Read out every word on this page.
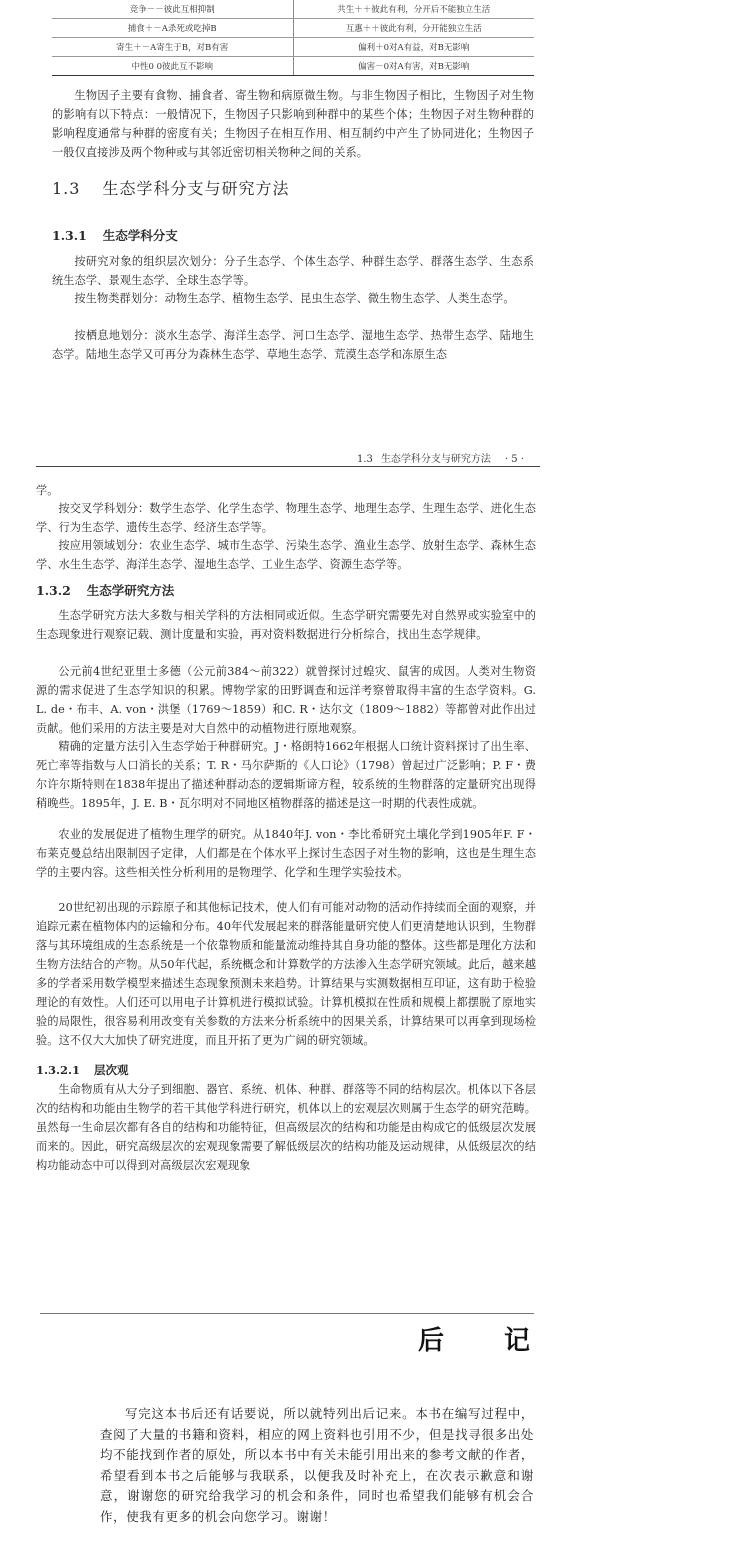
竞争－－彼此互相抑制	共生＋＋彼此有利，分开后不能独立生活
捕食＋－A杀死或吃掉B	互惠＋＋彼此有利，分开能独立生活
寄生＋－A寄生于B，对B有害	偏利＋0对A有益，对B无影响
中性0 0彼此互不影响	偏害－0对A有害，对B无影响

生物因子主要有食物、捕食者、寄生物和病原微生物。与非生物因子相比，生物因子对生物的影响有以下特点：一般情况下，生物因子只影响到种群中的某些个体；生物因子对生物种群的影响程度通常与种群的密度有关；生物因子在相互作用、相互制约中产生了协同进化；生物因子一般仅直接涉及两个物种或与其邻近密切相关物种之间的关系。

1.3 生态学科分支与研究方法
1.3.1 生态学科分支

按研究对象的组织层次划分：分子生态学、个体生态学、种群生态学、群落生态学、生态系统生态学、景观生态学、全球生态学等。

按生物类群划分：动物生态学、植物生态学、昆虫生态学、微生物生态学、人类生态学。

按栖息地划分：淡水生态学、海洋生态学、河口生态学、湿地生态学、热带生态学、陆地生态学。陆地生态学又可再分为森林生态学、草地生态学、荒漠生态学和冻原生态

1.3 生态学科分支与研究方法 · 5 ·

学。

按交叉学科划分：数学生态学、化学生态学、物理生态学、地理生态学、生理生态学、进化生态学、行为生态学、遗传生态学、经济生态学等。

按应用领域划分：农业生态学、城市生态学、污染生态学、渔业生态学、放射生态学、森林生态学、水生生态学、海洋生态学、湿地生态学、工业生态学、资源生态学等。

1.3.2 生态学研究方法

生态学研究方法大多数与相关学科的方法相同或近似。生态学研究需要先对自然界或实验室中的生态现象进行观察记载、测计度量和实验，再对资料数据进行分析综合，找出生态学规律。

公元前4世纪亚里士多德（公元前384～前322）就曾探讨过蝗灾、鼠害的成因。人类对生物资源的需求促进了生态学知识的积累。博物学家的田野调查和远洋考察曾取得丰富的生态学资料。G. L. de・布丰、A. von・洪堡（1769～1859）和C. R・达尔文（1809～1882）等都曾对此作出过贡献。他们采用的方法主要是对大自然中的动植物进行原地观察。

精确的定量方法引入生态学始于种群研究。J・格朗特1662年根据人口统计资料探讨了出生率、死亡率等指数与人口消长的关系；T. R・马尔萨斯的《人口论》（1798）曾起过广泛影响；P. F・费尔许尔斯特则在1838年提出了描述种群动态的逻辑斯谛方程，较系统的生物群落的定量研究出现得稍晚些。1895年，J. E. B・瓦尔明对不同地区植物群落的描述是这一时期的代表性成就。

农业的发展促进了植物生理学的研究。从1840年J. von・李比希研究土壤化学到1905年F. F・布莱克曼总结出限制因子定律，人们都是在个体水平上探讨生态因子对生物的影响，这也是生理生态学的主要内容。这些相关性分析利用的是物理学、化学和生理学实验技术。

20世纪初出现的示踪原子和其他标记技术，使人们有可能对动物的活动作持续而全面的观察，并追踪元素在植物体内的运输和分布。40年代发展起来的群落能量研究使人们更清楚地认识到，生物群落与其环境组成的生态系统是一个依靠物质和能量流动维持其自身功能的整体。这些都是理化方法和生物方法结合的产物。从50年代起，系统概念和计算数学的方法渗入生态学研究领域。此后，越来越多的学者采用数学模型来描述生态现象预测未来趋势。计算结果与实测数据相互印证，这有助于检验理论的有效性。人们还可以用电子计算机进行模拟试验。计算机模拟在性质和规模上都摆脱了原地实验的局限性，很容易利用改变有关参数的方法来分析系统中的因果关系，计算结果可以再拿到现场检验。这不仅大大加快了研究进度，而且开拓了更为广阔的研究领域。

1.3.2.1 层次观

生命物质有从大分子到细胞、器官、系统、机体、种群、群落等不同的结构层次。机体以下各层次的结构和功能由生物学的若干其他学科进行研究，机体以上的宏观层次则属于生态学的研究范畴。虽然每一生命层次都有各自的结构和功能特征，但高级层次的结构和功能是由构成它的低级层次发展而来的。因此，研究高级层次的宏观现象需要了解低级层次的结构功能及运动规律，从低级层次的结构功能动态中可以得到对高级层次宏观现象

后 记

写完这本书后还有话要说，所以就特列出后记来。本书在编写过程中，查阅了大量的书籍和资料，相应的网上资料也引用不少，但是找寻很多出处均不能找到作者的原处，所以本书中有关未能引用出来的参考文献的作者，希望看到本书之后能够与我联系，以便我及时补充上，在次表示歉意和谢意，谢谢您的研究给我学习的机会和条件，同时也希望我们能够有机会合作，使我有更多的机会向您学习。谢谢！
